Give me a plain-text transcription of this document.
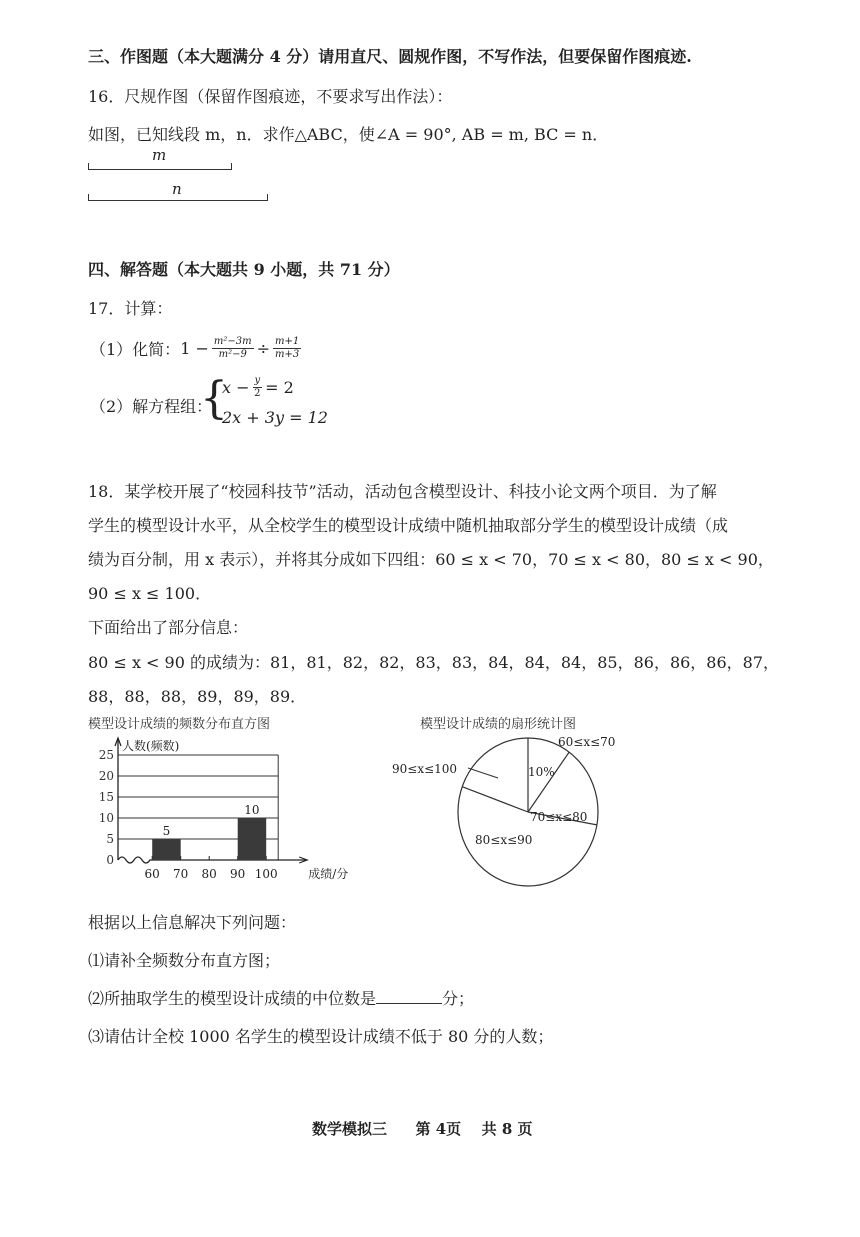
三、作图题（本大题满分 4 分）请用直尺、圆规作图，不写作法，但要保留作图痕迹.
16．尺规作图（保留作图痕迹，不要求写出作法）：
如图，已知线段 m，n．求作△ABC，使∠A = 90°, AB = m, BC = n．
m
n
四、解答题（本大题共 9 小题，共 71 分）
17．计算：
（1）化简： $1 - \frac{\text{m²−3m}}{\text{m²−9}} \div \frac{m+1}{m+3}$
（2）解方程组：
{
$x - \frac{y}{2} = 2$
2x + 3y = 12
18．某学校开展了“校园科技节”活动，活动包含模型设计、科技小论文两个项目．为了解
学生的模型设计水平，从全校学生的模型设计成绩中随机抽取部分学生的模型设计成绩（成
绩为百分制，用 x 表示），并将其分成如下四组：60 ≤ x < 70，70 ≤ x < 80，80 ≤ x < 90，
90 ≤ x ≤ 100．
下面给出了部分信息：
80 ≤ x < 90 的成绩为：81，81，82，82，83，83，84，84，84，85，86，86，86，87，
88，88，88，89，89，89．
模型设计成绩的频数分布直方图
0
5
10
15
20
25
人数(频数)
成绩/分
60 70 80 90 100
5
10
模型设计成绩的扇形统计图
60≤x≤70
10%
70≤x≤80
80≤x≤90
90≤x≤100
根据以上信息解决下列问题：
⑴请补全频数分布直方图；
⑵所抽取学生的模型设计成绩的中位数是	分；
⑶请估计全校 1000 名学生的模型设计成绩不低于 80 分的人数；
数学模拟三 第 4页 共 8 页
